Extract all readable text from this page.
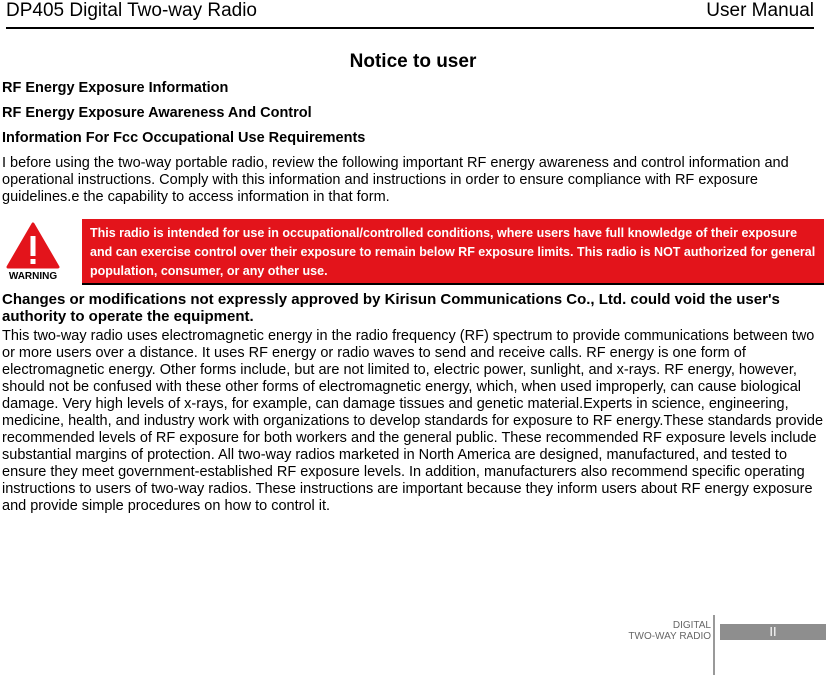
DP405 Digital Two-way Radio	User Manual
Notice to user
RF Energy Exposure Information
RF Energy Exposure Awareness And Control
Information For Fcc Occupational Use Requirements
I before using the two-way portable radio, review the following important RF energy awareness and control information and operational instructions. Comply with this information and instructions in order to ensure compliance with RF exposure guidelines.e the capability to access information in that form.
WARNING
This radio is intended for use in occupational/controlled conditions, where users have full knowledge of their exposure and can exercise control over their exposure to remain below RF exposure limits. This radio is NOT authorized for general population, consumer, or any other use.
Changes or modifications not expressly approved by Kirisun Communications Co., Ltd. could void the user's authority to operate the equipment.
This two-way radio uses electromagnetic energy in the radio frequency (RF) spectrum to provide communications between two or more users over a distance. It uses RF energy or radio waves to send and receive calls. RF energy is one form of electromagnetic energy. Other forms include, but are not limited to, electric power, sunlight, and x-rays. RF energy, however, should not be confused with these other forms of electromagnetic energy, which, when used improperly, can cause biological damage. Very high levels of x-rays, for example, can damage tissues and genetic material.Experts in science, engineering, medicine, health, and industry work with organizations to develop standards for exposure to RF energy.These standards provide recommended levels of RF exposure for both workers and the general public. These recommended RF exposure levels include substantial margins of protection. All two-way radios marketed in North America are designed, manufactured, and tested to ensure they meet government-established RF exposure levels. In addition, manufacturers also recommend specific operating instructions to users of two-way radios. These instructions are important because they inform users about RF energy exposure and provide simple procedures on how to control it.
DIGITAL
TWO-WAY RADIO	II
